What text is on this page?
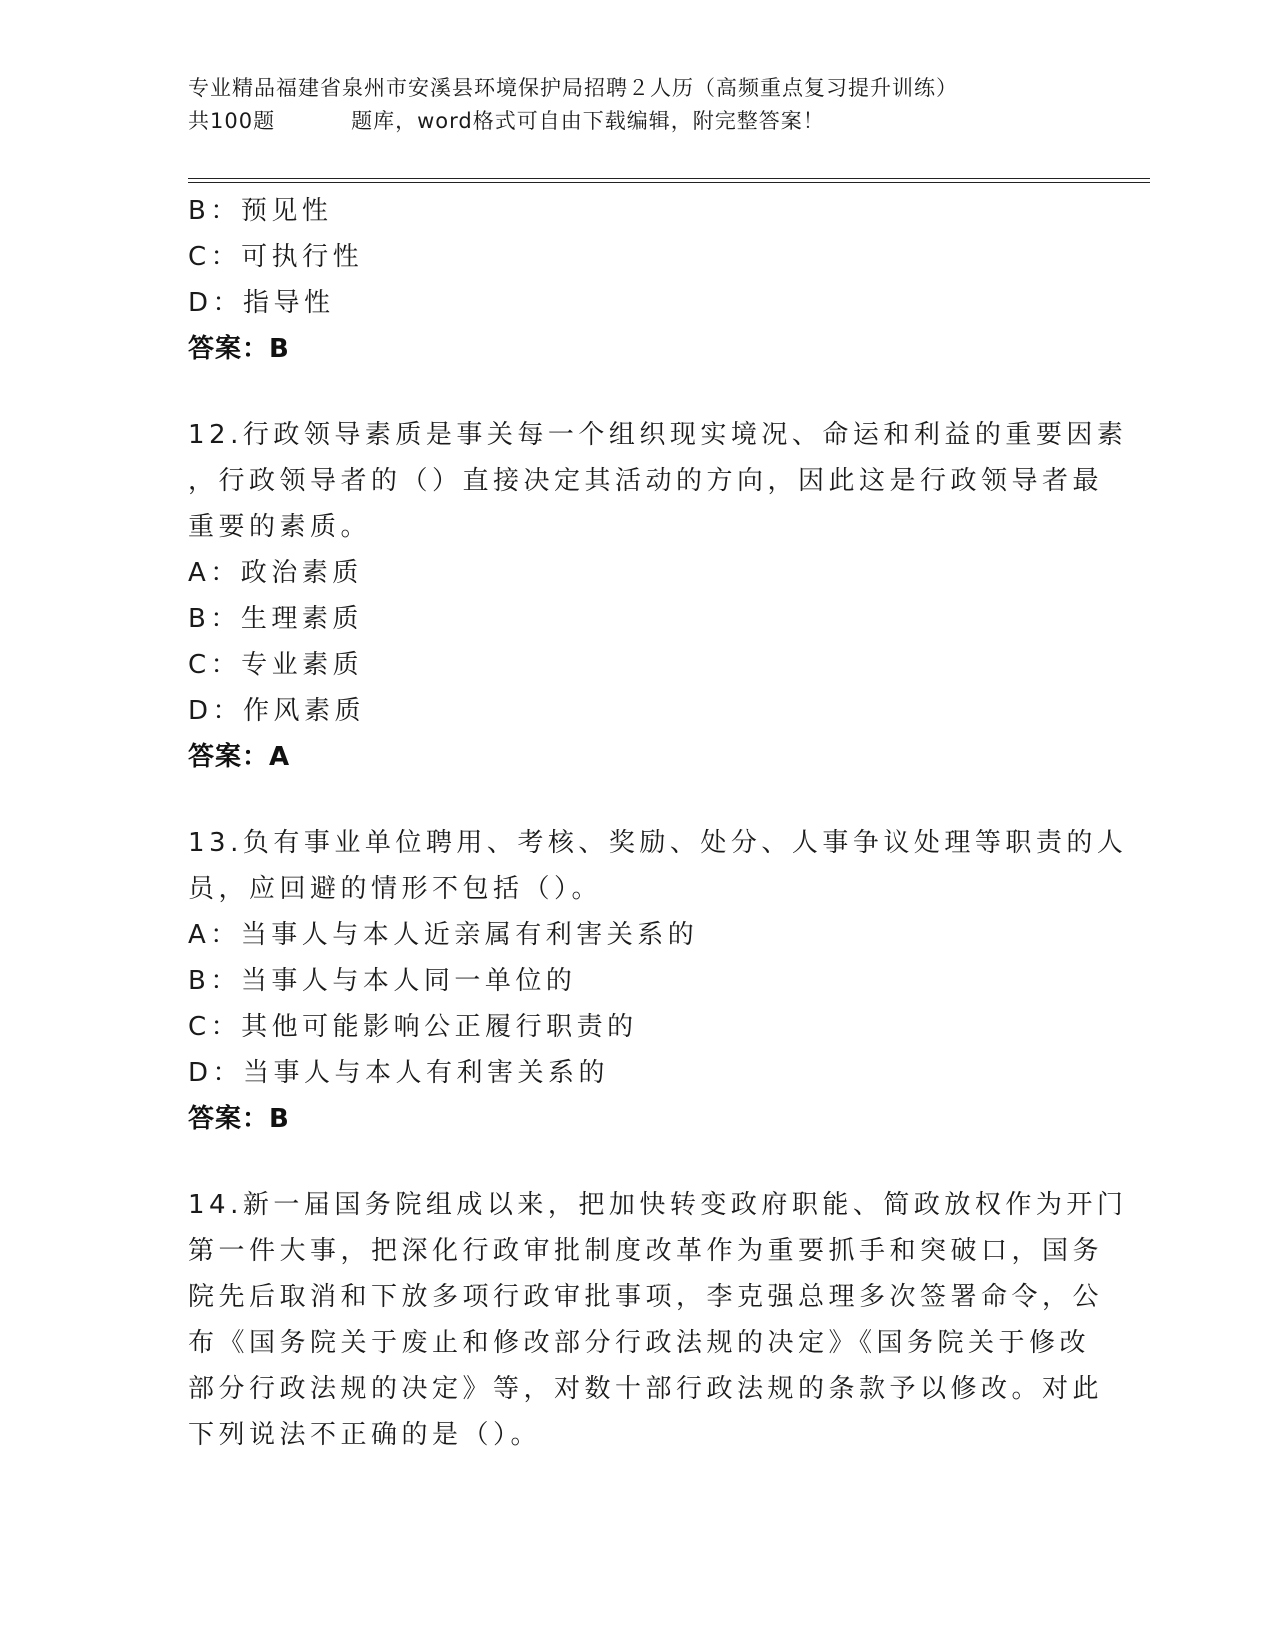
专业精品福建省泉州市安溪县环境保护局招聘２人历（高频重点复习提升训练）
共100题	题库，word格式可自由下载编辑，附完整答案！
B：预见性
C：可执行性
D：指导性
答案：B
12.行政领导素质是事关每一个组织现实境况、命运和利益的重要因素
，行政领导者的（）直接决定其活动的方向，因此这是行政领导者最
重要的素质。
A：政治素质
B：生理素质
C：专业素质
D：作风素质
答案：A
13.负有事业单位聘用、考核、奖励、处分、人事争议处理等职责的人
员，应回避的情形不包括（）。
A：当事人与本人近亲属有利害关系的
B：当事人与本人同一单位的
C：其他可能影响公正履行职责的
D：当事人与本人有利害关系的
答案：B
14.新一届国务院组成以来，把加快转变政府职能、简政放权作为开门
第一件大事，把深化行政审批制度改革作为重要抓手和突破口，国务
院先后取消和下放多项行政审批事项，李克强总理多次签署命令，公
布《国务院关于废止和修改部分行政法规的决定》《国务院关于修改
部分行政法规的决定》等，对数十部行政法规的条款予以修改。对此
下列说法不正确的是（）。
